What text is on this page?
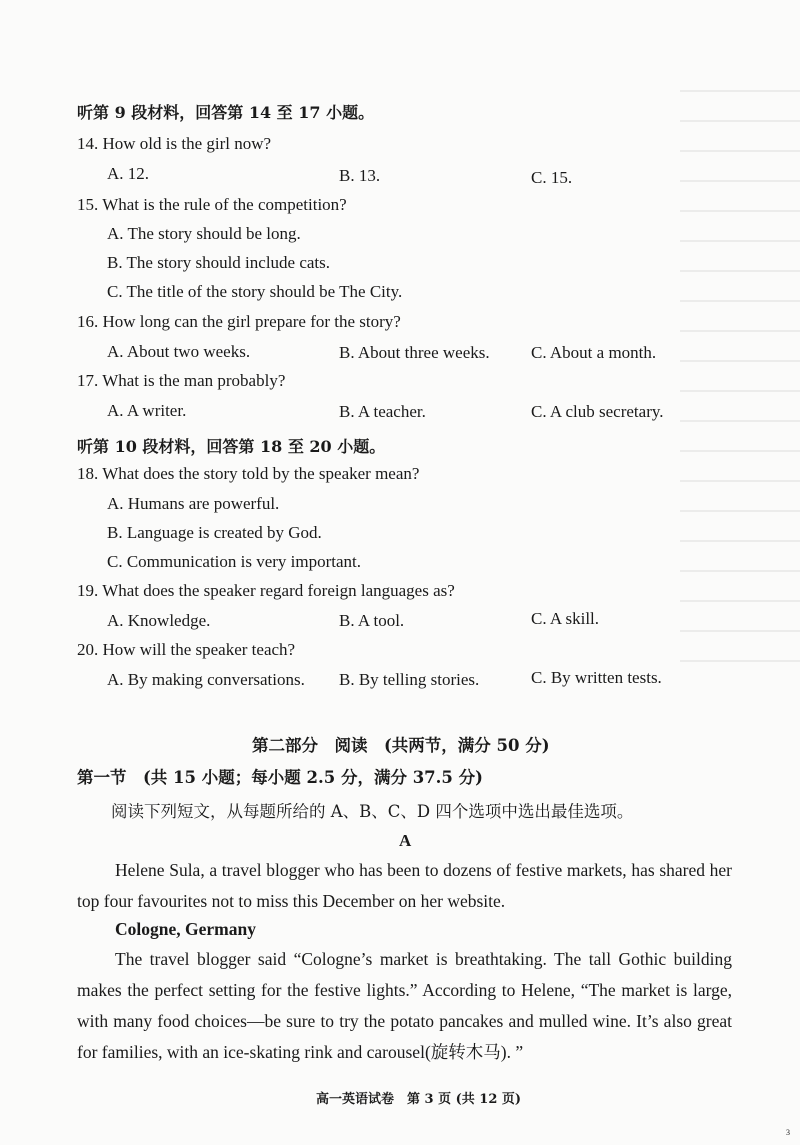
听第 9 段材料，回答第 14 至 17 小题。
14. How old is the girl now?
A. 12.	B. 13.	C. 15.
15. What is the rule of the competition?
A. The story should be long.
B. The story should include cats.
C. The title of the story should be The City.
16. How long can the girl prepare for the story?
A. About two weeks.	B. About three weeks. C. About a month.
17. What is the man probably?
A. A writer.	B. A teacher.	C. A club secretary.
听第 10 段材料，回答第 18 至 20 小题。
18. What does the story told by the speaker mean?
A. Humans are powerful.
B. Language is created by God.
C. Communication is very important.
19. What does the speaker regard foreign languages as?
A. Knowledge.	B. A tool.	C. A skill.
20. How will the speaker teach?
A. By making conversations. B. By telling stories.	C. By written tests.
第二部分　阅读　(共两节，满分 50 分)
第一节　(共 15 小题；每小题 2.5 分，满分 37.5 分)
阅读下列短文，从每题所给的 A、B、C、D 四个选项中选出最佳选项。
A
Helene Sula, a travel blogger who has been to dozens of festive markets, has shared her top four favourites not to miss this December on her website.
Cologne, Germany
The travel blogger said “Cologne’s market is breathtaking. The tall Gothic building makes the perfect setting for the festive lights.” According to Helene, “The market is large, with many food choices—be sure to try the potato pancakes and mulled wine. It’s also great for families, with an ice-skating rink and carousel(旋转木马). ”
高一英语试卷　第 3 页 (共 12 页)
3
